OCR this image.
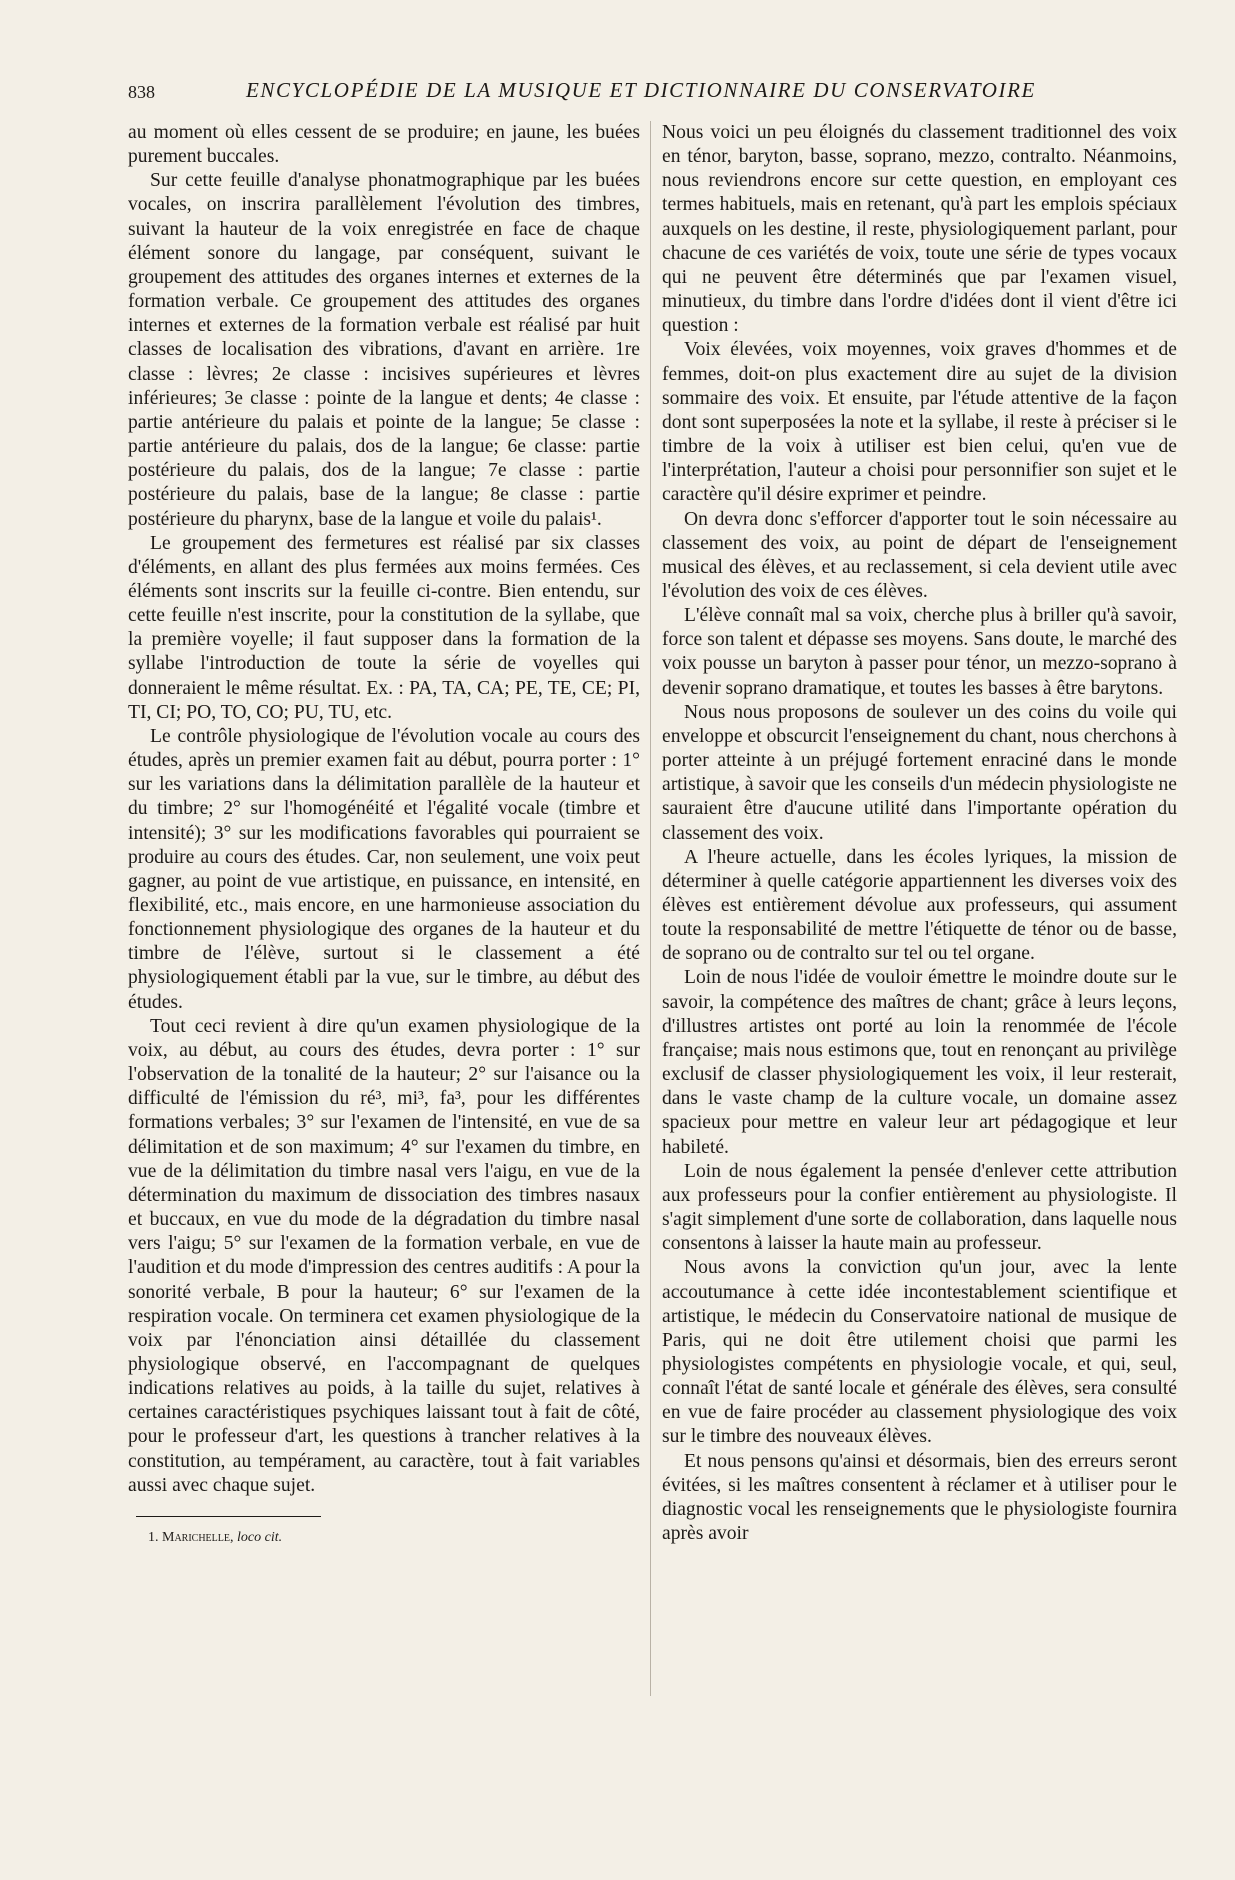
838	ENCYCLOPÉDIE DE LA MUSIQUE ET DICTIONNAIRE DU CONSERVATOIRE

au moment où elles cessent de se produire; en jaune, les buées purement buccales.

Sur cette feuille d'analyse phonatmographique par les buées vocales, on inscrira parallèlement l'évolution des timbres, suivant la hauteur de la voix enregistrée en face de chaque élément sonore du langage, par conséquent, suivant le groupement des attitudes des organes internes et externes de la formation verbale. Ce groupement des attitudes des organes internes et externes de la formation verbale est réalisé par huit classes de localisation des vibrations, d'avant en arrière. 1re classe : lèvres; 2e classe : incisives supérieures et lèvres inférieures; 3e classe : pointe de la langue et dents; 4e classe : partie antérieure du palais et pointe de la langue; 5e classe : partie antérieure du palais, dos de la langue; 6e classe: partie postérieure du palais, dos de la langue; 7e classe : partie postérieure du palais, base de la langue; 8e classe : partie postérieure du pharynx, base de la langue et voile du palais¹.

Le groupement des fermetures est réalisé par six classes d'éléments, en allant des plus fermées aux moins fermées. Ces éléments sont inscrits sur la feuille ci-contre. Bien entendu, sur cette feuille n'est inscrite, pour la constitution de la syllabe, que la première voyelle; il faut supposer dans la formation de la syllabe l'introduction de toute la série de voyelles qui donneraient le même résultat. Ex. : PA, TA, CA; PE, TE, CE; PI, TI, CI; PO, TO, CO; PU, TU, etc.

Le contrôle physiologique de l'évolution vocale au cours des études, après un premier examen fait au début, pourra porter : 1° sur les variations dans la délimitation parallèle de la hauteur et du timbre; 2° sur l'homogénéité et l'égalité vocale (timbre et intensité); 3° sur les modifications favorables qui pourraient se produire au cours des études. Car, non seulement, une voix peut gagner, au point de vue artistique, en puissance, en intensité, en flexibilité, etc., mais encore, en une harmonieuse association du fonctionnement physiologique des organes de la hauteur et du timbre de l'élève, surtout si le classement a été physiologiquement établi par la vue, sur le timbre, au début des études.

Tout ceci revient à dire qu'un examen physiologique de la voix, au début, au cours des études, devra porter : 1° sur l'observation de la tonalité de la hauteur; 2° sur l'aisance ou la difficulté de l'émission du ré³, mi³, fa³, pour les différentes formations verbales; 3° sur l'examen de l'intensité, en vue de sa délimitation et de son maximum; 4° sur l'examen du timbre, en vue de la délimitation du timbre nasal vers l'aigu, en vue de la détermination du maximum de dissociation des timbres nasaux et buccaux, en vue du mode de la dégradation du timbre nasal vers l'aigu; 5° sur l'examen de la formation verbale, en vue de l'audition et du mode d'impression des centres auditifs : A pour la sonorité verbale, B pour la hauteur; 6° sur l'examen de la respiration vocale. On terminera cet examen physiologique de la voix par l'énonciation ainsi détaillée du classement physiologique observé, en l'accompagnant de quelques indications relatives au poids, à la taille du sujet, relatives à certaines caractéristiques psychiques laissant tout à fait de côté, pour le professeur d'art, les questions à trancher relatives à la constitution, au tempérament, au caractère, tout à fait variables aussi avec chaque sujet.

1. Marichelle, loco cit.

Nous voici un peu éloignés du classement traditionnel des voix en ténor, baryton, basse, soprano, mezzo, contralto. Néanmoins, nous reviendrons encore sur cette question, en employant ces termes habituels, mais en retenant, qu'à part les emplois spéciaux auxquels on les destine, il reste, physiologiquement parlant, pour chacune de ces variétés de voix, toute une série de types vocaux qui ne peuvent être déterminés que par l'examen visuel, minutieux, du timbre dans l'ordre d'idées dont il vient d'être ici question :

Voix élevées, voix moyennes, voix graves d'hommes et de femmes, doit-on plus exactement dire au sujet de la division sommaire des voix. Et ensuite, par l'étude attentive de la façon dont sont superposées la note et la syllabe, il reste à préciser si le timbre de la voix à utiliser est bien celui, qu'en vue de l'interprétation, l'auteur a choisi pour personnifier son sujet et le caractère qu'il désire exprimer et peindre.

On devra donc s'efforcer d'apporter tout le soin nécessaire au classement des voix, au point de départ de l'enseignement musical des élèves, et au reclassement, si cela devient utile avec l'évolution des voix de ces élèves.

L'élève connaît mal sa voix, cherche plus à briller qu'à savoir, force son talent et dépasse ses moyens. Sans doute, le marché des voix pousse un baryton à passer pour ténor, un mezzo-soprano à devenir soprano dramatique, et toutes les basses à être barytons.

Nous nous proposons de soulever un des coins du voile qui enveloppe et obscurcit l'enseignement du chant, nous cherchons à porter atteinte à un préjugé fortement enraciné dans le monde artistique, à savoir que les conseils d'un médecin physiologiste ne sauraient être d'aucune utilité dans l'importante opération du classement des voix.

A l'heure actuelle, dans les écoles lyriques, la mission de déterminer à quelle catégorie appartiennent les diverses voix des élèves est entièrement dévolue aux professeurs, qui assument toute la responsabilité de mettre l'étiquette de ténor ou de basse, de soprano ou de contralto sur tel ou tel organe.

Loin de nous l'idée de vouloir émettre le moindre doute sur le savoir, la compétence des maîtres de chant; grâce à leurs leçons, d'illustres artistes ont porté au loin la renommée de l'école française; mais nous estimons que, tout en renonçant au privilège exclusif de classer physiologiquement les voix, il leur resterait, dans le vaste champ de la culture vocale, un domaine assez spacieux pour mettre en valeur leur art pédagogique et leur habileté.

Loin de nous également la pensée d'enlever cette attribution aux professeurs pour la confier entièrement au physiologiste. Il s'agit simplement d'une sorte de collaboration, dans laquelle nous consentons à laisser la haute main au professeur.

Nous avons la conviction qu'un jour, avec la lente accoutumance à cette idée incontestablement scientifique et artistique, le médecin du Conservatoire national de musique de Paris, qui ne doit être utilement choisi que parmi les physiologistes compétents en physiologie vocale, et qui, seul, connaît l'état de santé locale et générale des élèves, sera consulté en vue de faire procéder au classement physiologique des voix sur le timbre des nouveaux élèves.

Et nous pensons qu'ainsi et désormais, bien des erreurs seront évitées, si les maîtres consentent à réclamer et à utiliser pour le diagnostic vocal les renseignements que le physiologiste fournira après avoir
